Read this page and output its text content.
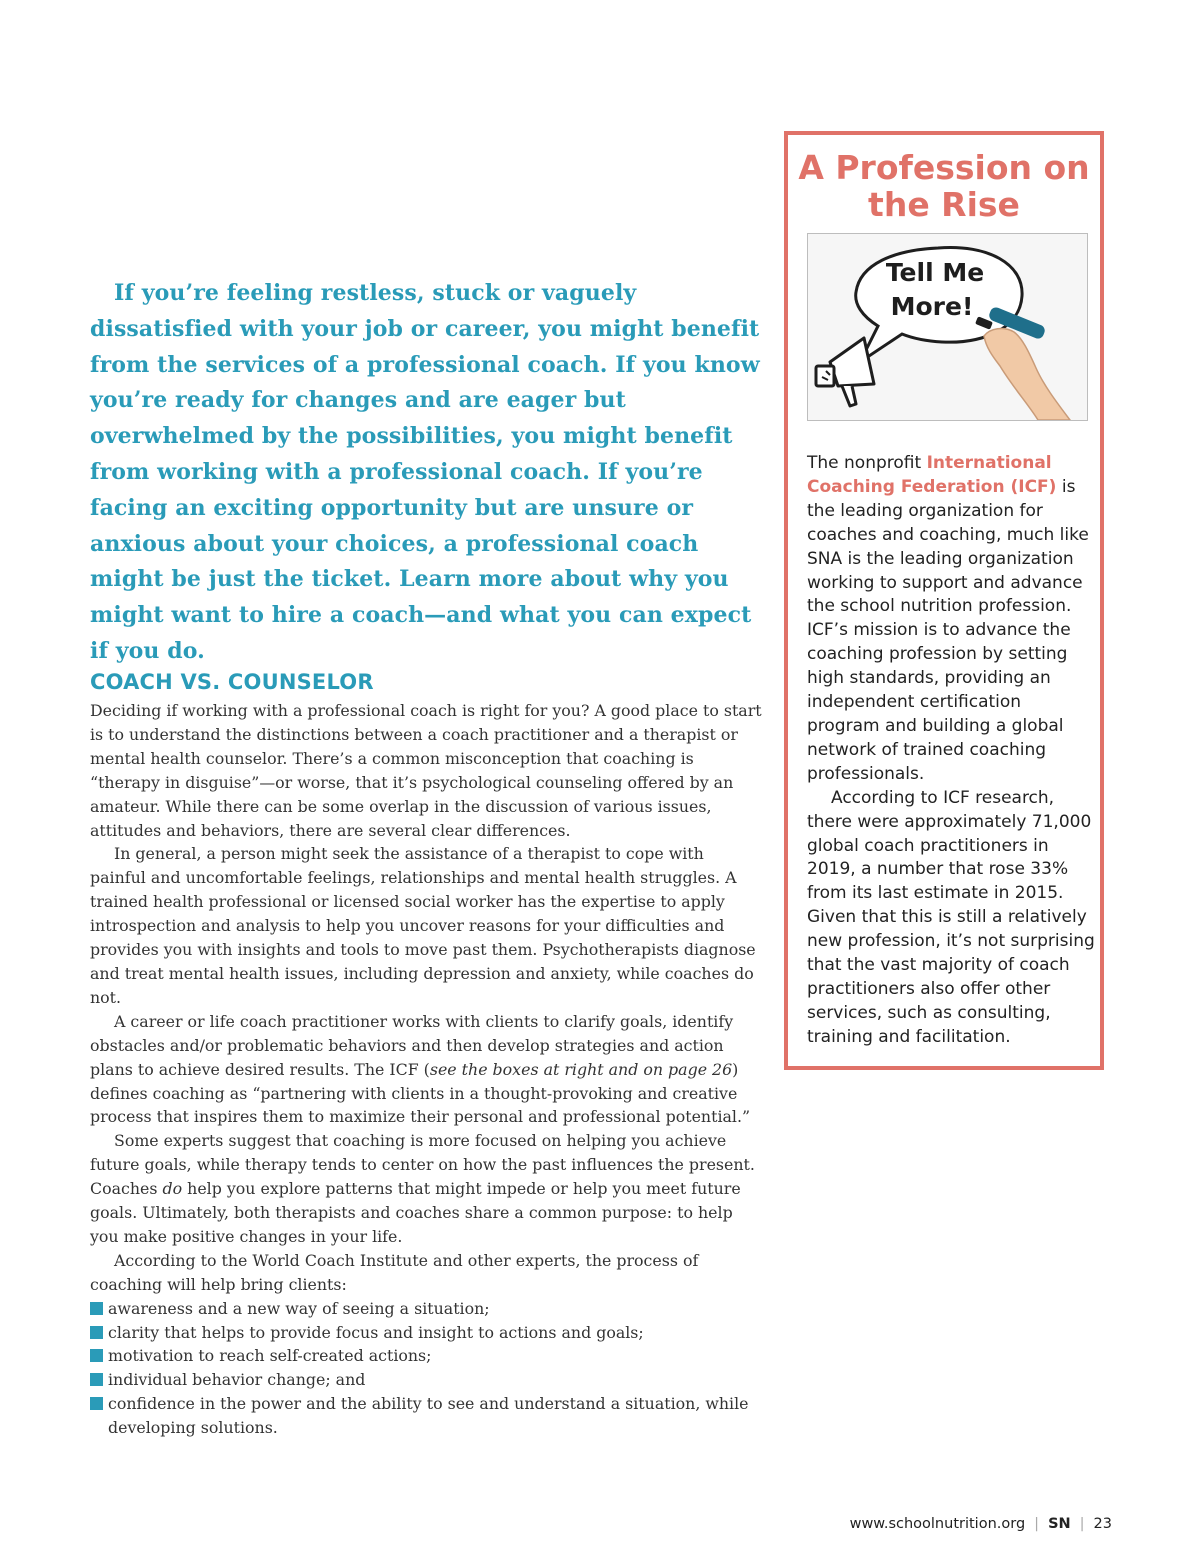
If you’re feeling restless, stuck or vaguely dissatisfied with your job or career, you might benefit from the services of a professional coach. If you know you’re ready for changes and are eager but overwhelmed by the possibilities, you might benefit from working with a professional coach. If you’re facing an exciting opportunity but are unsure or anxious about your choices, a professional coach might be just the ticket. Learn more about why you might want to hire a coach—and what you can expect if you do.

COACH VS. COUNSELOR

Deciding if working with a professional coach is right for you? A good place to start is to understand the distinctions between a coach practitioner and a therapist or mental health counselor. There’s a common misconception that coaching is “therapy in disguise”—or worse, that it’s psychological counseling offered by an amateur. While there can be some overlap in the discussion of various issues, attitudes and behaviors, there are several clear differences.

In general, a person might seek the assistance of a therapist to cope with painful and uncomfortable feelings, relationships and mental health struggles. A trained health professional or licensed social worker has the expertise to apply introspection and analysis to help you uncover reasons for your difficulties and provides you with insights and tools to move past them. Psychotherapists diagnose and treat mental health issues, including depression and anxiety, while coaches do not.

A career or life coach practitioner works with clients to clarify goals, identify obstacles and/or problematic behaviors and then develop strategies and action plans to achieve desired results. The ICF (see the boxes at right and on page 26) defines coaching as “partnering with clients in a thought-provoking and creative process that inspires them to maximize their personal and professional potential.”

Some experts suggest that coaching is more focused on helping you achieve future goals, while therapy tends to center on how the past influences the present. Coaches do help you explore patterns that might impede or help you meet future goals. Ultimately, both therapists and coaches share a common purpose: to help you make positive changes in your life.

According to the World Coach Institute and other experts, the process of coaching will help bring clients:

awareness and a new way of seeing a situation;
clarity that helps to provide focus and insight to actions and goals;
motivation to reach self-created actions;
individual behavior change; and
confidence in the power and the ability to see and understand a situation, while developing solutions.
A Profession on
the Rise
Tell Me
More!

The nonprofit International Coaching Federation (ICF) is the leading organization for coaches and coaching, much like SNA is the leading organization working to support and advance the school nutrition profession. ICF’s mission is to advance the coaching profession by setting high standards, providing an independent certification program and building a global network of trained coaching professionals.

According to ICF research, there were approximately 71,000 global coach practitioners in 2019, a number that rose 33% from its last estimate in 2015. Given that this is still a relatively new profession, it’s not surprising that the vast majority of coach practitioners also offer other services, such as consulting, training and facilitation.

www.schoolnutrition.org | SN | 23
